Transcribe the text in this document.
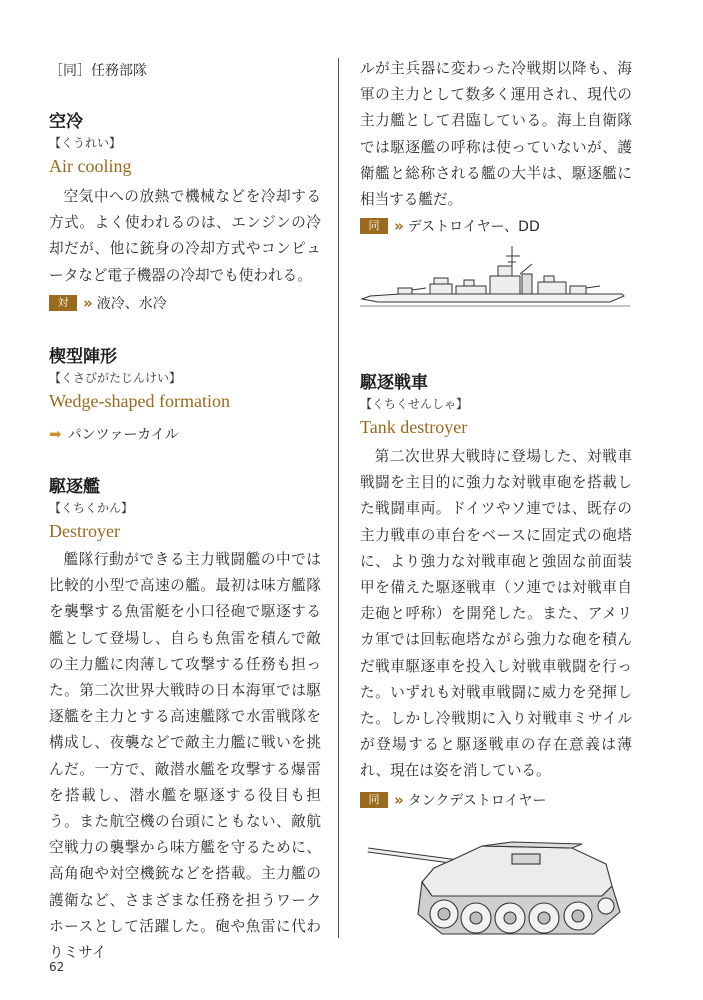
［同］任務部隊
空冷
【くうれい】
Air cooling

空気中への放熱で機械などを冷却する方式。よく使われるのは、エンジンの冷却だが、他に銃身の冷却方式やコンピュータなど電子機器の冷却でも使われる。

対 » 液冷、水冷
楔型陣形
【くさびがたじんけい】
Wedge-shaped formation
➡ パンツァーカイル
駆逐艦
【くちくかん】
Destroyer

艦隊行動ができる主力戦闘艦の中では比較的小型で高速の艦。最初は味方艦隊を襲撃する魚雷艇を小口径砲で駆逐する艦として登場し、自らも魚雷を積んで敵の主力艦に肉薄して攻撃する任務も担った。第二次世界大戦時の日本海軍では駆逐艦を主力とする高速艦隊で水雷戦隊を構成し、夜襲などで敵主力艦に戦いを挑んだ。一方で、敵潜水艦を攻撃する爆雷を搭載し、潜水艦を駆逐する役目も担う。また航空機の台頭にともない、敵航空戦力の襲撃から味方艦を守るために、高角砲や対空機銃などを搭載。主力艦の護衛など、さまざまな任務を担うワークホースとして活躍した。砲や魚雷に代わりミサイ

ルが主兵器に変わった冷戦期以降も、海軍の主力として数多く運用され、現代の主力艦として君臨している。海上自衛隊では駆逐艦の呼称は使っていないが、護衛艦と総称される艦の大半は、駆逐艦に相当する艦だ。

同 » デストロイヤー、DD
駆逐戦車
【くちくせんしゃ】
Tank destroyer

第二次世界大戦時に登場した、対戦車戦闘を主目的に強力な対戦車砲を搭載した戦闘車両。ドイツやソ連では、既存の主力戦車の車台をベースに固定式の砲塔に、より強力な対戦車砲と強固な前面装甲を備えた駆逐戦車（ソ連では対戦車自走砲と呼称）を開発した。また、アメリカ軍では回転砲塔ながら強力な砲を積んだ戦車駆逐車を投入し対戦車戦闘を行った。いずれも対戦車戦闘に威力を発揮した。しかし冷戦期に入り対戦車ミサイルが登場すると駆逐戦車の存在意義は薄れ、現在は姿を消している。

同 » タンクデストロイヤー
62
